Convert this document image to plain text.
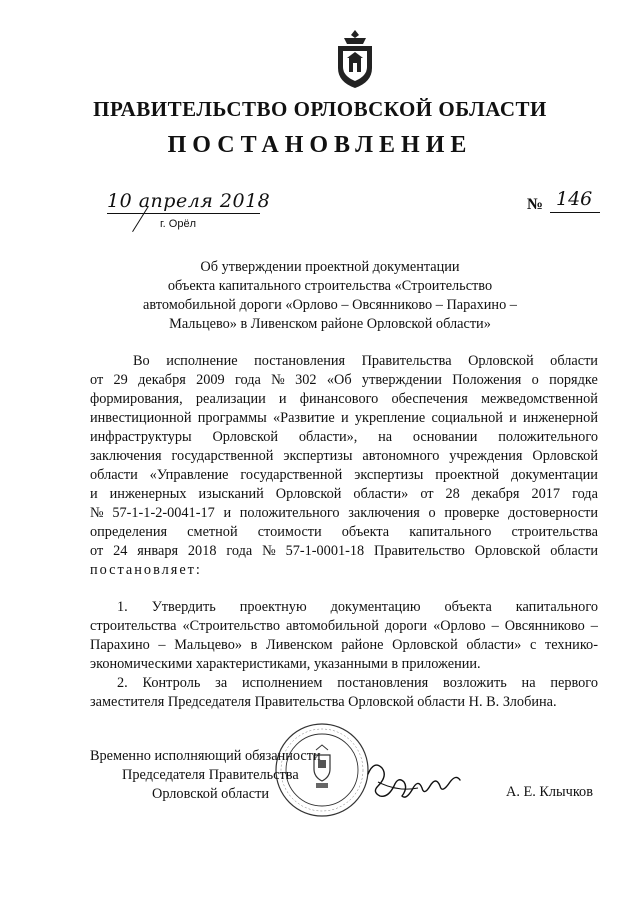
ПРАВИТЕЛЬСТВО ОРЛОВСКОЙ ОБЛАСТИ
ПОСТАНОВЛЕНИЕ
10 апреля 2018
г. Орёл
№ 146
Об утверждении проектной документации
объекта капитального строительства «Строительство
автомобильной дороги «Орлово – Овсянниково – Парахино –
Мальцево» в Ливенском районе Орловской области»
Во исполнение постановления Правительства Орловской области
от 29 декабря 2009 года № 302 «Об утверждении Положения о порядке
формирования, реализации и финансового обеспечения межведомственной
инвестиционной программы «Развитие и укрепление социальной и инженерной
инфраструктуры Орловской области», на основании положительного
заключения государственной экспертизы автономного учреждения Орловской
области «Управление государственной экспертизы проектной документации
и инженерных изысканий Орловской области» от 28 декабря 2017 года
№ 57-1-1-2-0041-17 и положительного заключения о проверке достоверности
определения сметной стоимости объекта капитального строительства
от 24 января 2018 года № 57-1-0001-18 Правительство Орловской области
постановляет:
1. Утвердить проектную документацию объекта капитального
строительства «Строительство автомобильной дороги «Орлово – Овсянниково –
Парахино – Мальцево» в Ливенском районе Орловской области» с технико-
экономическими характеристиками, указанными в приложении.
2. Контроль за исполнением постановления возложить на первого
заместителя Председателя Правительства Орловской области Н. В. Злобина.
Временно исполняющий обязанности
Председателя Правительства
Орловской области	А. Е. Клычков
